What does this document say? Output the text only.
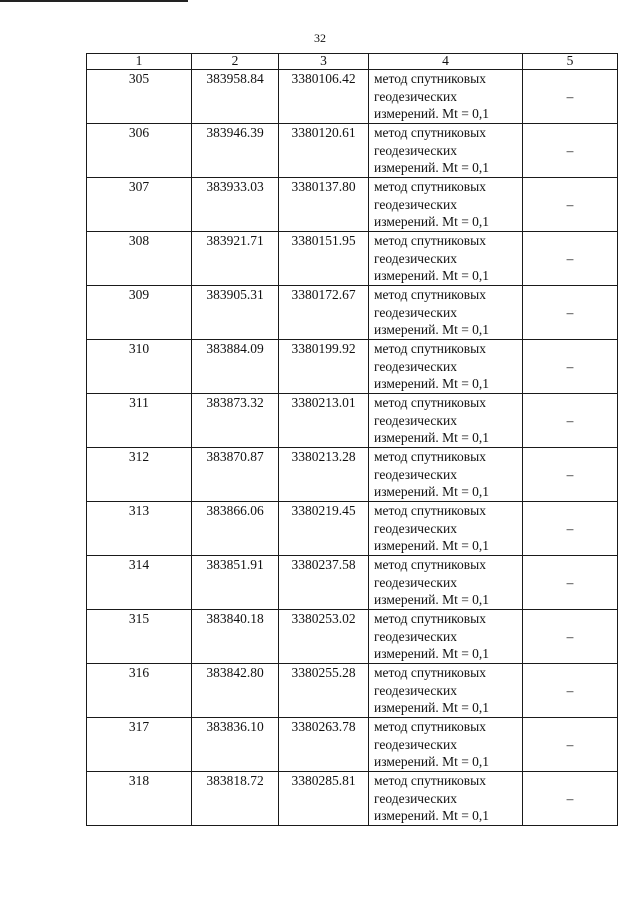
32
1	2	3	4	5
305	383958.84	3380106.42	метод спутниковых
геодезических
измерений. Mt = 0,1	–
306	383946.39	3380120.61	метод спутниковых
геодезических
измерений. Mt = 0,1	–
307	383933.03	3380137.80	метод спутниковых
геодезических
измерений. Mt = 0,1	–
308	383921.71	3380151.95	метод спутниковых
геодезических
измерений. Mt = 0,1	–
309	383905.31	3380172.67	метод спутниковых
геодезических
измерений. Mt = 0,1	–
310	383884.09	3380199.92	метод спутниковых
геодезических
измерений. Mt = 0,1	–
311	383873.32	3380213.01	метод спутниковых
геодезических
измерений. Mt = 0,1	–
312	383870.87	3380213.28	метод спутниковых
геодезических
измерений. Mt = 0,1	–
313	383866.06	3380219.45	метод спутниковых
геодезических
измерений. Mt = 0,1	–
314	383851.91	3380237.58	метод спутниковых
геодезических
измерений. Mt = 0,1	–
315	383840.18	3380253.02	метод спутниковых
геодезических
измерений. Mt = 0,1	–
316	383842.80	3380255.28	метод спутниковых
геодезических
измерений. Mt = 0,1	–
317	383836.10	3380263.78	метод спутниковых
геодезических
измерений. Mt = 0,1	–
318	383818.72	3380285.81	метод спутниковых
геодезических
измерений. Mt = 0,1	–
